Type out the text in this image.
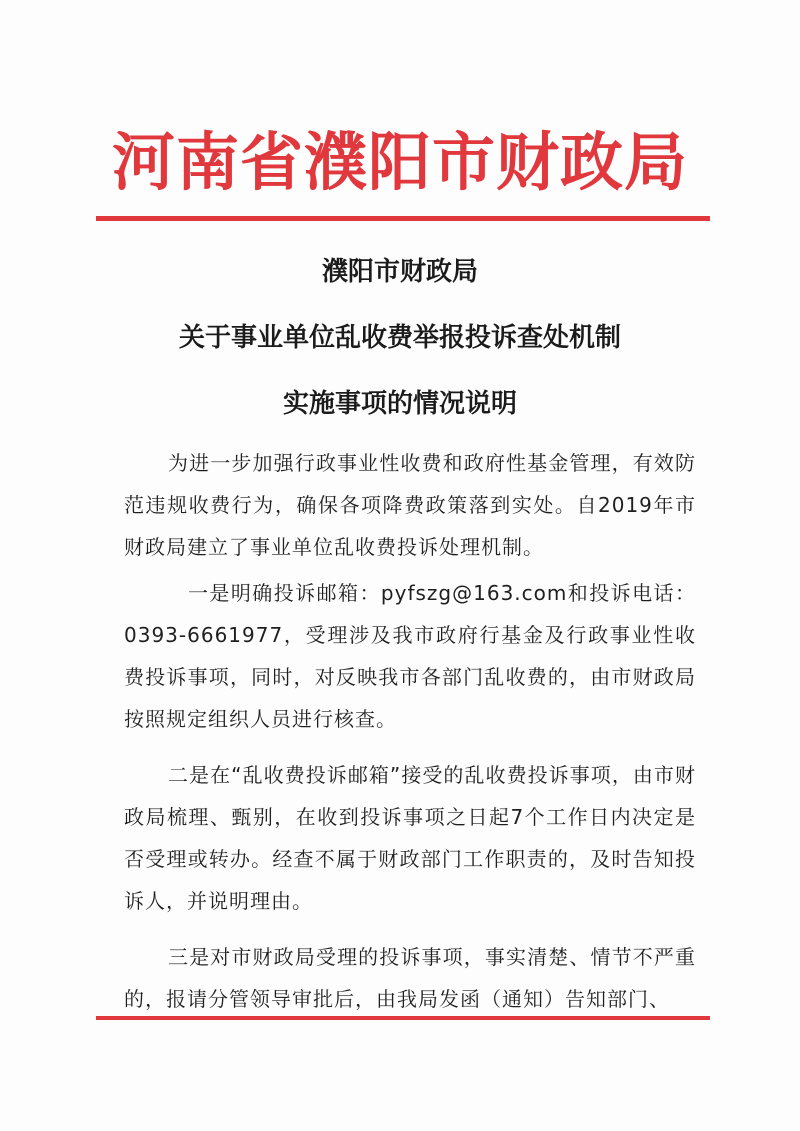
河南省濮阳市财政局
濮阳市财政局
关于事业单位乱收费举报投诉查处机制
实施事项的情况说明
为进一步加强行政事业性收费和政府性基金管理，有效防范违规收费行为，确保各项降费政策落到实处。自2019年市财政局建立了事业单位乱收费投诉处理机制。
一是明确投诉邮箱：pyfszg@163.com和投诉电话：0393-6661977，受理涉及我市政府行基金及行政事业性收费投诉事项，同时，对反映我市各部门乱收费的，由市财政局按照规定组织人员进行核查。
二是在“乱收费投诉邮箱”接受的乱收费投诉事项，由市财政局梳理、甄别，在收到投诉事项之日起7个工作日内决定是否受理或转办。经查不属于财政部门工作职责的，及时告知投诉人，并说明理由。
三是对市财政局受理的投诉事项，事实清楚、情节不严重的，报请分管领导审批后，由我局发函（通知）告知部门、
